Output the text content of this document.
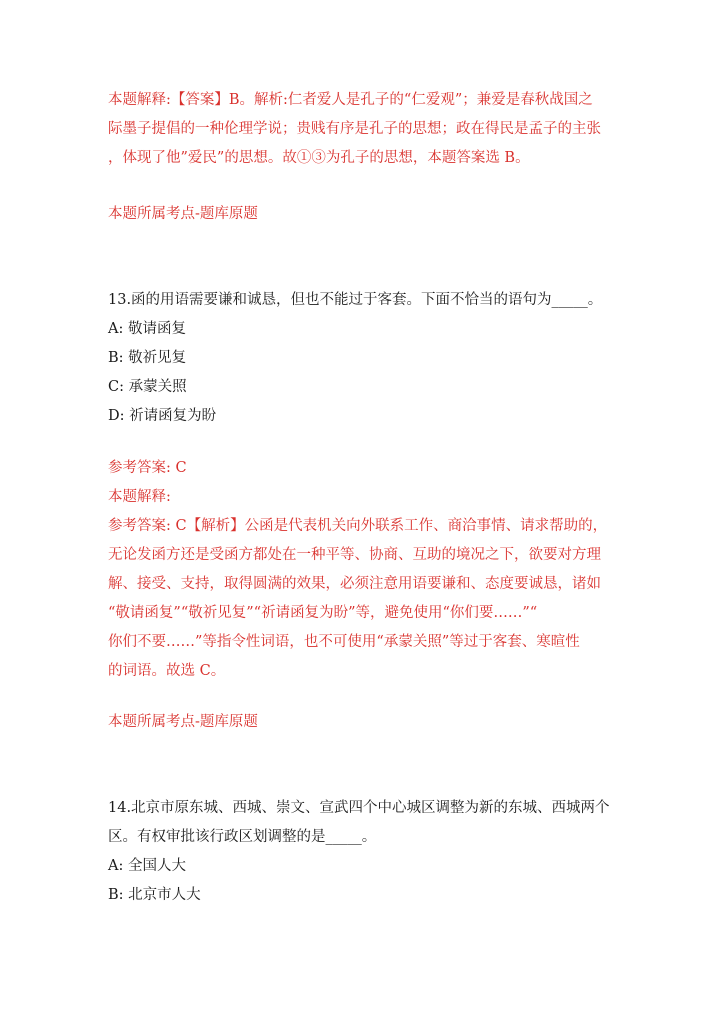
本题解释:【答案】B。解析:仁者爱人是孔子的“仁爱观”；兼爱是春秋战国之
际墨子提倡的一种伦理学说；贵贱有序是孔子的思想；政在得民是孟子的主张
，体现了他”爱民”的思想。故①③为孔子的思想，本题答案选 B。
本题所属考点-题库原题
13.函的用语需要谦和诚恳，但也不能过于客套。下面不恰当的语句为_____。
A: 敬请函复
B: 敬祈见复
C: 承蒙关照
D: 祈请函复为盼
参考答案: C
本题解释:
参考答案: C【解析】公函是代表机关向外联系工作、商洽事情、请求帮助的，
无论发函方还是受函方都处在一种平等、协商、互助的境况之下，欲要对方理
解、接受、支持，取得圆满的效果，必须注意用语要谦和、态度要诚恳，诸如
“敬请函复”“敬祈见复”“祈请函复为盼”等，避免使用“你们要……”“
你们不要……”等指令性词语，也不可使用“承蒙关照”等过于客套、寒暄性
的词语。故选 C。
本题所属考点-题库原题
14.北京市原东城、西城、崇文、宣武四个中心城区调整为新的东城、西城两个
区。有权审批该行政区划调整的是_____。
A: 全国人大
B: 北京市人大
